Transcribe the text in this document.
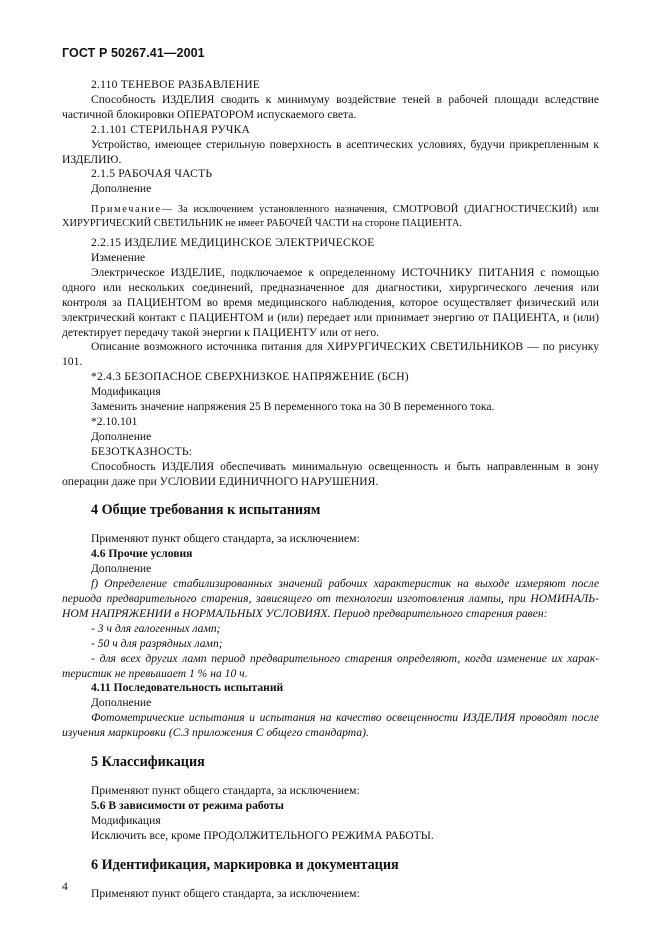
ГОСТ Р 50267.41—2001

2.110 ТЕНЕВОЕ РАЗБАВЛЕНИЕ

Способность ИЗДЕЛИЯ сводить к минимуму воздействие теней в рабочей площади вследствие частичной блокировки ОПЕРАТОРОМ испускаемого света.

2.1.101 СТЕРИЛЬНАЯ РУЧКА

Устройство, имеющее стерильную поверхность в асептических условиях, будучи прикрепленным к ИЗДЕЛИЮ.

2.1.5 РАБОЧАЯ ЧАСТЬ

Дополнение

Примечание— За исключением установленного назначения, СМОТРОВОЙ (ДИАГНОСТИЧЕСКИЙ) или ХИРУРГИЧЕСКИЙ СВЕТИЛЬНИК не имеет РАБОЧЕЙ ЧАСТИ на стороне ПАЦИЕНТА.

2.2.15 ИЗДЕЛИЕ МЕДИЦИНСКОЕ ЭЛЕКТРИЧЕСКОЕ

Изменение

Электрическое ИЗДЕЛИЕ, подключаемое к определенному ИСТОЧНИКУ ПИТАНИЯ с помощью одного или нескольких соединений, предназначенное для диагностики, хирургического лечения или контроля за ПАЦИЕНТОМ во время медицинского наблюдения, которое осуществляет физический или электрический контакт с ПАЦИЕНТОМ и (или) передает или принимает энергию от ПАЦИЕНТА, и (или) детектирует передачу такой энергии к ПАЦИЕНТУ или от него.

Описание возможного источника питания для ХИРУРГИЧЕСКИХ СВЕТИЛЬНИКОВ — по рисунку 101.

*2.4.3 БЕЗОПАСНОЕ СВЕРХНИЗКОЕ НАПРЯЖЕНИЕ (БСН)

Модификация

Заменить значение напряжения 25 В переменного тока на 30 В переменного тока.

*2.10.101

Дополнение

БЕЗОТКАЗНОСТЬ:

Способность ИЗДЕЛИЯ обеспечивать минимальную освещенность и быть направленным в зону операции даже при УСЛОВИИ ЕДИНИЧНОГО НАРУШЕНИЯ.

4 Общие требования к испытаниям

Применяют пункт общего стандарта, за исключением:

4.6 Прочие условия

Дополнение

f) Определение стабилизированных значений рабочих характеристик на выходе измеряют после периода предварительного старения, зависящего от технологии изготовления лампы, при НОМИНАЛЬНОМ НАПРЯЖЕНИИ в НОРМАЛЬНЫХ УСЛОВИЯХ. Период предварительного старения равен:

- 3 ч для галогенных ламп;

- 50 ч для разрядных ламп;

- для всех других ламп период предварительного старения определяют, когда изменение их характеристик не превышает 1 % на 10 ч.

4.11 Последовательность испытаний

Дополнение

Фотометрические испытания и испытания на качество освещенности ИЗДЕЛИЯ проводят после изучения маркировки (С.3 приложения С общего стандарта).

5 Классификация

Применяют пункт общего стандарта, за исключением:

5.6 В зависимости от режима работы

Модификация

Исключить все, кроме ПРОДОЛЖИТЕЛЬНОГО РЕЖИМА РАБОТЫ.

6 Идентификация, маркировка и документация

Применяют пункт общего стандарта, за исключением:

4
